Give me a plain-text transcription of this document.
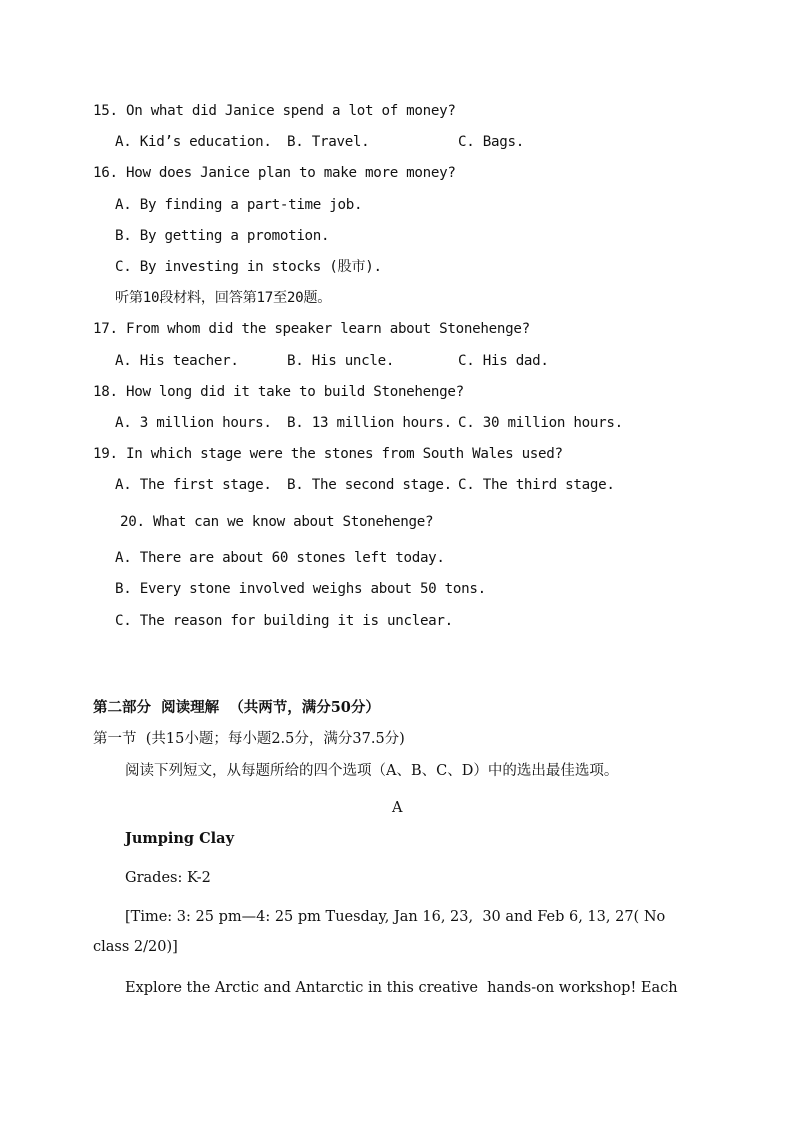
15. On what did Janice spend a lot of money?
A. Kid’s education. B. Travel.	C. Bags.
16. How does Janice plan to make more money?
A. By finding a part-time job.
B. By getting a promotion.
C. By investing in stocks (股市).
听第10段材料，回答第17至20题。
17. From whom did the speaker learn about Stonehenge?
A. His teacher.	B. His uncle.	C. His dad.
18. How long did it take to build Stonehenge?
A. 3 million hours. B. 13 million hours. C. 30 million hours.
19. In which stage were the stones from South Wales used?
A. The first stage. B. The second stage. C. The third stage.
20. What can we know about Stonehenge?
A. There are about 60 stones left today.
B. Every stone involved weighs about 50 tons.
C. The reason for building it is unclear.
第二部分  阅读理解  （共两节，满分50分）
第一节  (共15小题；每小题2.5分，满分37.5分)
阅读下列短文，从每题所给的四个选项（A、B、C、D）中的选出最佳选项。
A
Jumping Clay
Grades: K-2
[Time: 3: 25 pm—4: 25 pm Tuesday, Jan 16, 23,  30 and Feb 6, 13, 27( No
class 2/20)]
Explore the Arctic and Antarctic in this creative  hands-on workshop! Each
